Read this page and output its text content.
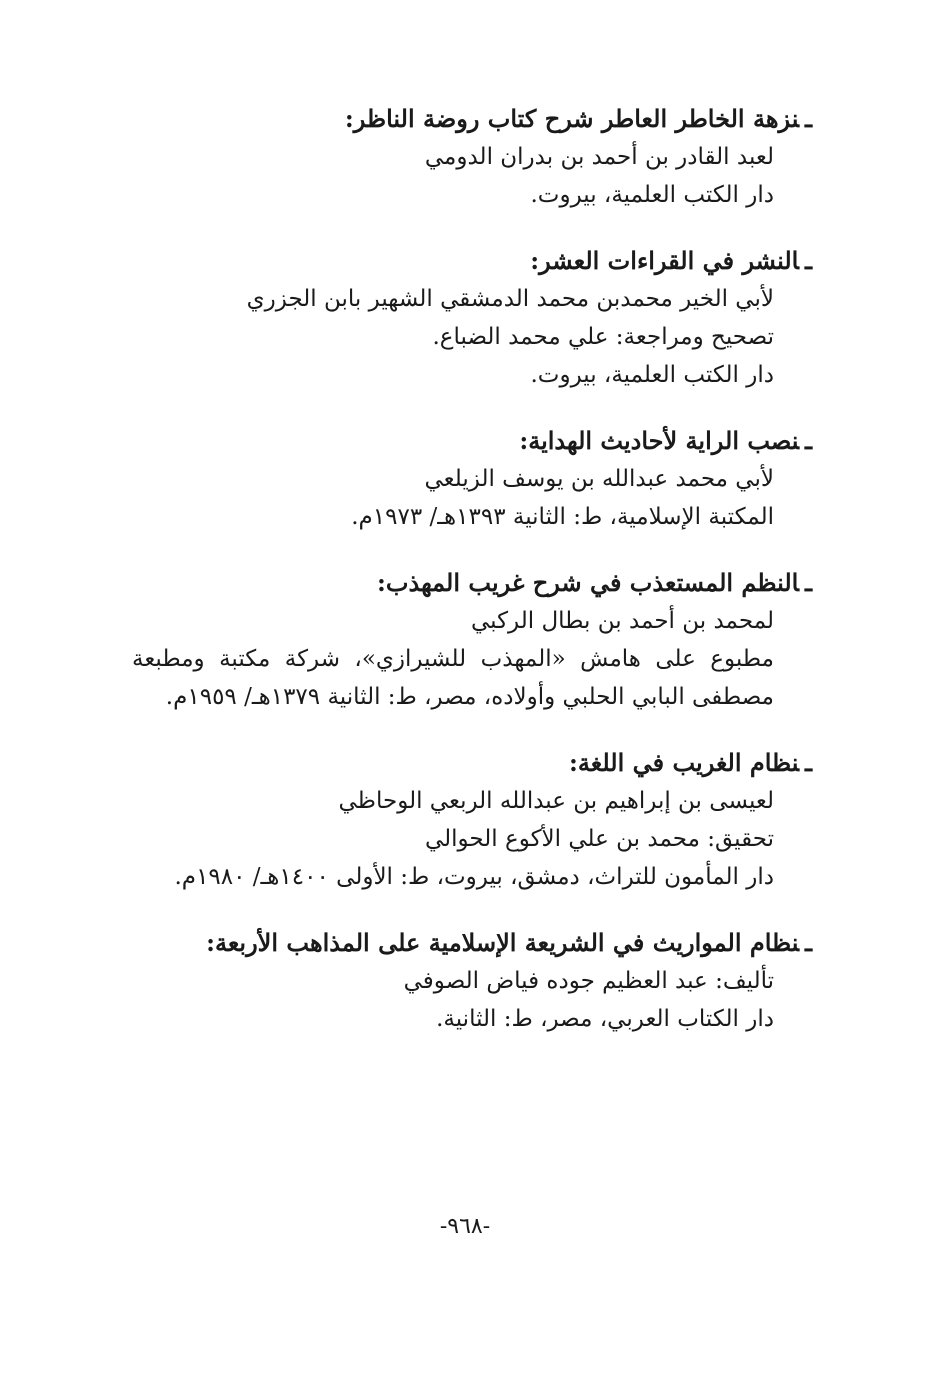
ـنزهة الخاطر العاطر شرح كتاب روضة الناظر:
لعبد القادر بن أحمد بن بدران الدومي
دار الكتب العلمية، بيروت.
ـالنشر في القراءات العشر:
لأبي الخير محمدبن محمد الدمشقي الشهير بابن الجزري
تصحيح ومراجعة: علي محمد الضباع.
دار الكتب العلمية، بيروت.
ـنصب الراية لأحاديث الهداية:
لأبي محمد عبدالله بن يوسف الزيلعي
المكتبة الإسلامية، ط: الثانية ١٣٩٣هـ/ ١٩٧٣م.
ـالنظم المستعذب في شرح غريب المهذب:
لمحمد بن أحمد بن بطال الركبي
مطبوع على هامش «المهذب للشيرازي»، شركة مكتبة ومطبعة مصطفى البابي الحلبي وأولاده، مصر، ط: الثانية ١٣٧٩هـ/ ١٩٥٩م.
ـنظام الغريب في اللغة:
لعيسى بن إبراهيم بن عبدالله الربعي الوحاظي
تحقيق: محمد بن علي الأكوع الحوالي
دار المأمون للتراث، دمشق، بيروت، ط: الأولى ١٤٠٠هـ/ ١٩٨٠م.
ـنظام المواريث في الشريعة الإسلامية على المذاهب الأربعة:
تأليف: عبد العظيم جوده فياض الصوفي
دار الكتاب العربي، مصر، ط: الثانية.
-٩٦٨-
